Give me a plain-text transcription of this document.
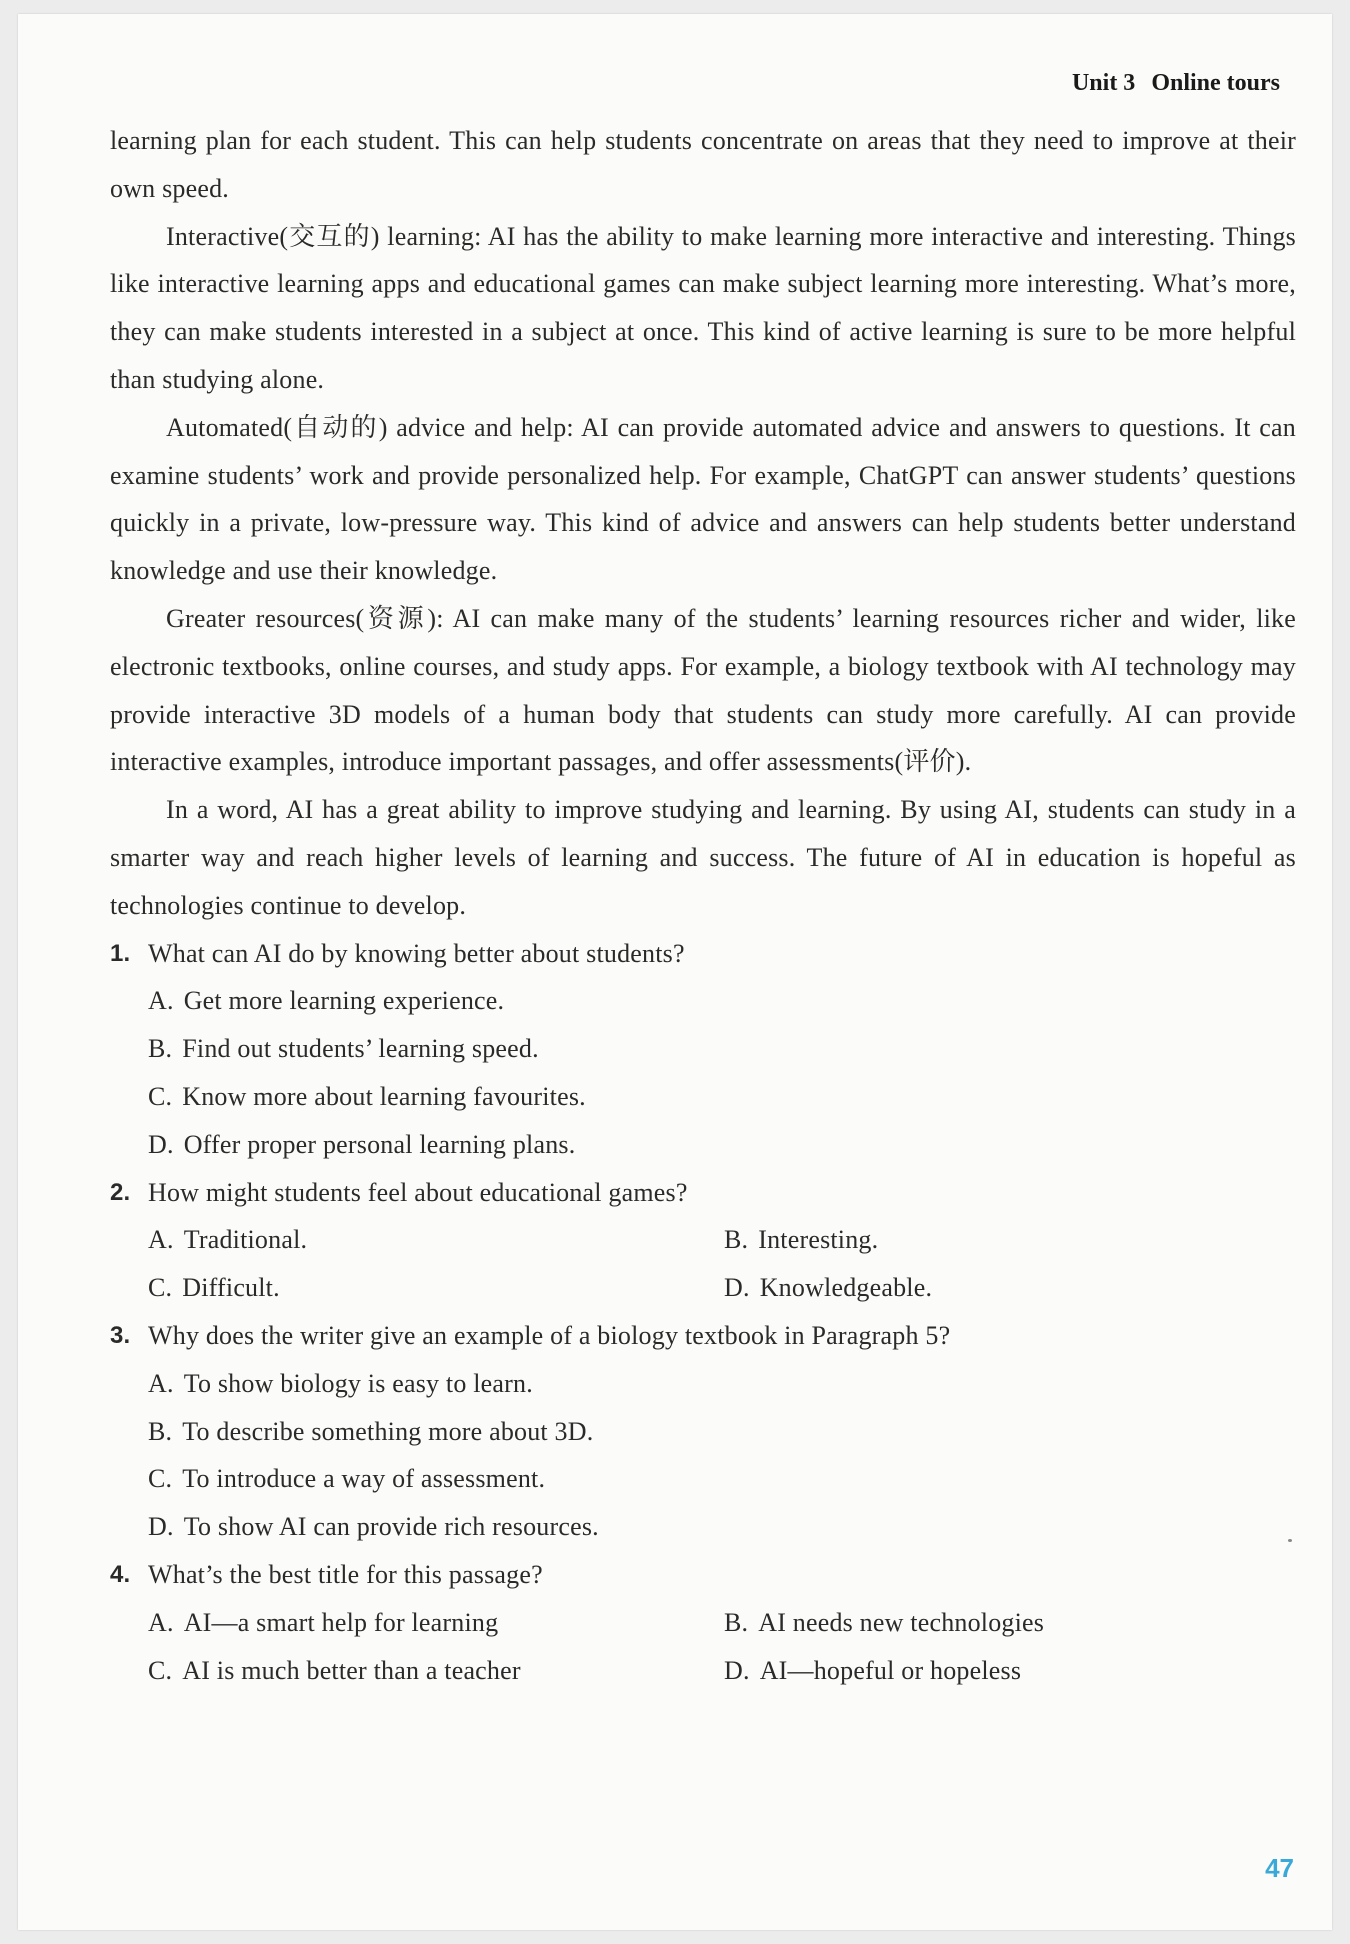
Unit 3 Online tours

learning plan for each student. This can help students concentrate on areas that they need to improve at their own speed.

Interactive(交互的) learning: AI has the ability to make learning more interactive and interesting. Things like interactive learning apps and educational games can make subject learning more interesting. What’s more, they can make students interested in a subject at once. This kind of active learning is sure to be more helpful than studying alone.

Automated(自动的) advice and help: AI can provide automated advice and answers to questions. It can examine students’ work and provide personalized help. For example, ChatGPT can answer students’ questions quickly in a private, low-pressure way. This kind of advice and answers can help students better understand knowledge and use their knowledge.

Greater resources(资源): AI can make many of the students’ learning resources richer and wider, like electronic textbooks, online courses, and study apps. For example, a biology textbook with AI technology may provide interactive 3D models of a human body that students can study more carefully. AI can provide interactive examples, introduce important passages, and offer assessments(评价).

In a word, AI has a great ability to improve studying and learning. By using AI, students can study in a smarter way and reach higher levels of learning and success. The future of AI in education is hopeful as technologies continue to develop.

1. What can AI do by knowing better about students?

A. Get more learning experience.
B. Find out students’ learning speed.
C. Know more about learning favourites.
D. Offer proper personal learning plans.

2. How might students feel about educational games?

A. Traditional.	B. Interesting.
C. Difficult.	D. Knowledgeable.

3. Why does the writer give an example of a biology textbook in Paragraph 5?

A. To show biology is easy to learn.
B. To describe something more about 3D.
C. To introduce a way of assessment.
D. To show AI can provide rich resources.

4. What’s the best title for this passage?

A. AI—a smart help for learning	B. AI needs new technologies
C. AI is much better than a teacher	D. AI—hopeful or hopeless
47
